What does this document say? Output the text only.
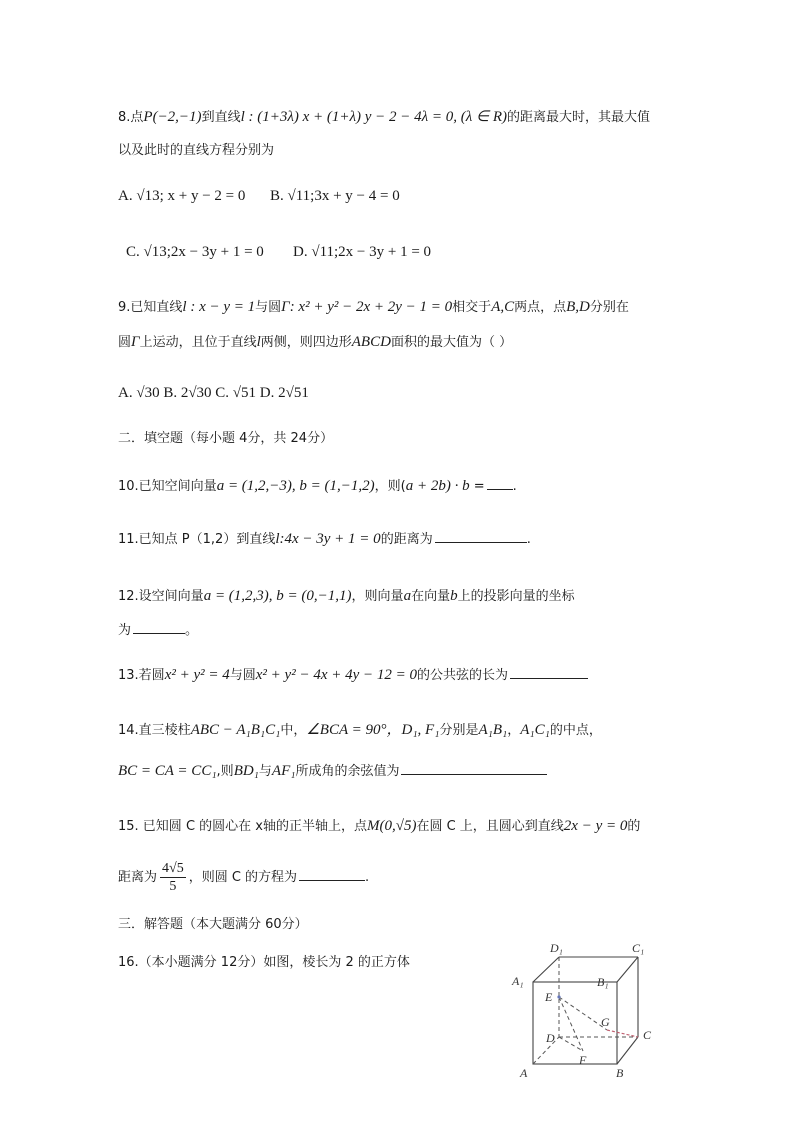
8.点P(−2,−1)到直线l : (1+3λ) x + (1+λ) y − 2 − 4λ = 0, (λ ∈ R)的距离最大时，其最大值
以及此时的直线方程分别为
A. √13; x + y − 2 = 0 B. √11;3x + y − 4 = 0
C. √13;2x − 3y + 1 = 0 D. √11;2x − 3y + 1 = 0
9.已知直线l : x − y = 1与圆Γ: x² + y² − 2x + 2y − 1 = 0相交于A,C两点，点B,D分别在
圆Γ上运动，且位于直线l两侧，则四边形ABCD面积的最大值为（ ）
A. √30 B. 2√30 C. √51 D. 2√51
二．填空题（每小题 4分，共 24分）
10.已知空间向量a = (1,2,−3), b = (1,−1,2)，则(a + 2b) · b = .
11.已知点 P（1,2）到直线l:4x − 3y + 1 = 0的距离为	.
12.设空间向量a = (1,2,3), b = (0,−1,1)，则向量a在向量b上的投影向量的坐标
为	。
13.若圆x² + y² = 4与圆x² + y² − 4x + 4y − 12 = 0的公共弦的长为
14.直三棱柱ABC − A₁B₁C₁中，∠BCA = 90°，D₁, F₁分别是A₁B₁，A₁C₁的中点，
BC = CA = CC₁,则BD₁与AF₁所成角的余弦值为
15. 已知圆 C 的圆心在 x轴的正半轴上，点M(0,√5)在圆 C 上，且圆心到直线2x − y = 0的
距离为 $\frac{4√5}{5}$ ，则圆 C 的方程为	.
三．解答题（本大题满分 60分）
16.（本小题满分 12分）如图，棱长为 2 的正方体
D₁	C₁
A₁	B₁
E
G
C
D
F
A	B
